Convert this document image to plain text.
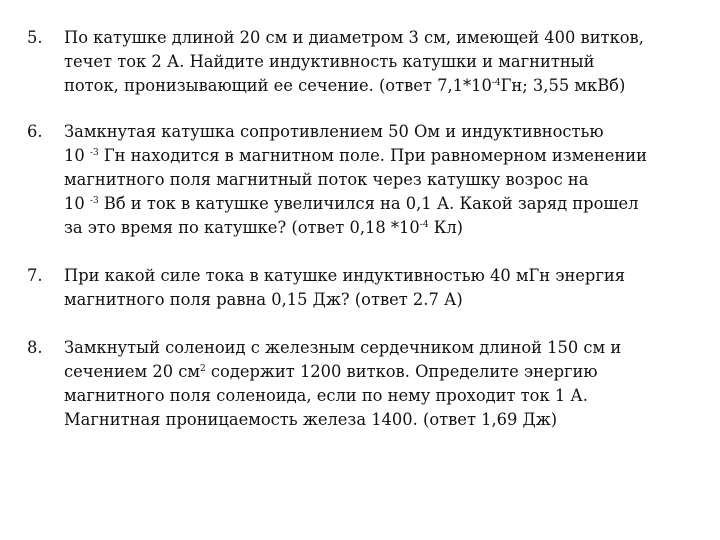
5. По катушке длиной 20 см и диаметром 3 см, имеющей 400 витков,
течет ток 2 А. Найдите индуктивность катушки и магнитный
поток, пронизывающий ее сечение. (ответ $7,1*10^{-4}Гн$; 3,55 мкВб)
6. Замкнутая катушка сопротивлением 50 Ом и индуктивностью
10 $^{-3}$ Гн находится в магнитном поле. При равномерном изменении
магнитного поля магнитный поток через катушку возрос на
10 $^{-3}$ Вб и ток в катушке увеличился на 0,1 А. Какой заряд прошел
за это время по катушке? (ответ 0,18 $*10^{-4}$ Кл)
7. При какой силе тока в катушке индуктивностью 40 мГн энергия
магнитного поля равна 0,15 Дж? (ответ 2.7 А)
8. Замкнутый соленоид с железным сердечником длиной 150 см и
сечением 20 $см^2$ содержит 1200 витков. Определите энергию
магнитного поля соленоида, если по нему проходит ток 1 А.
Магнитная проницаемость железа 1400. (ответ 1,69 Дж)
